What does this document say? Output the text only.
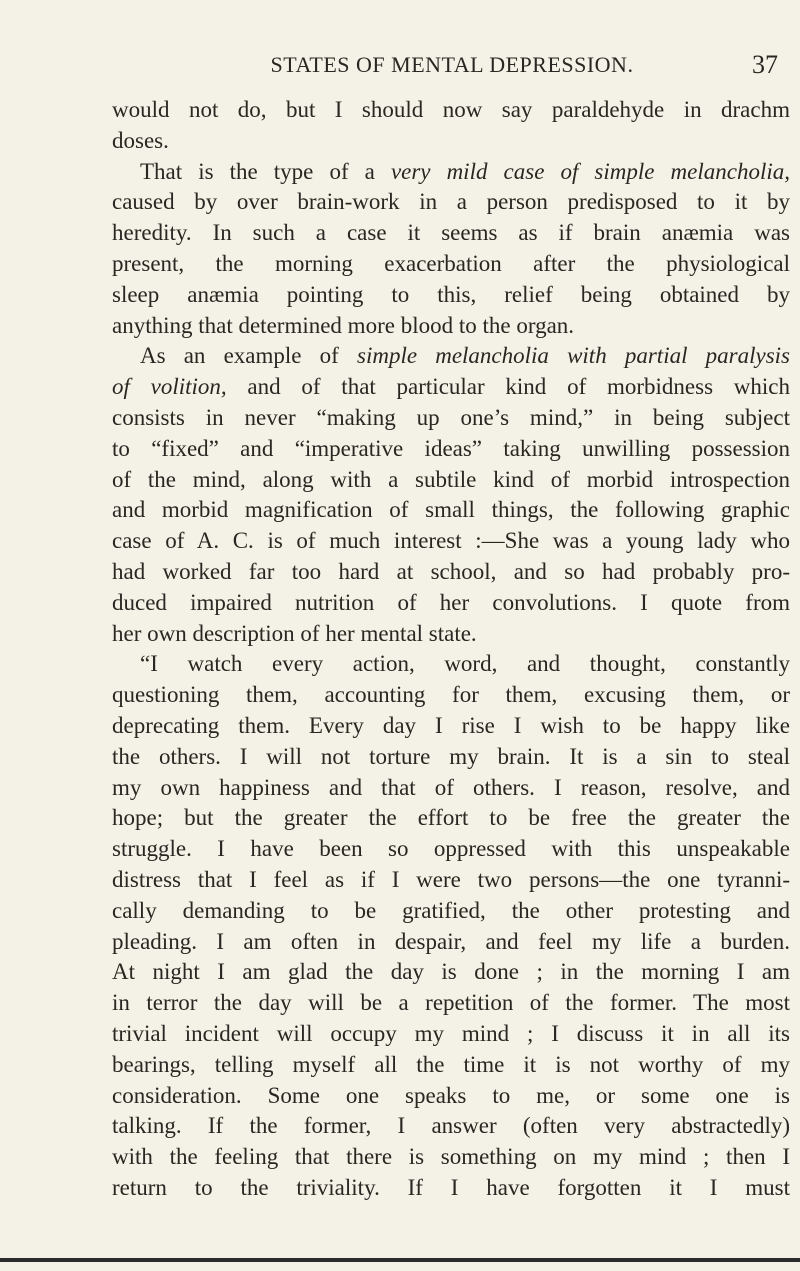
STATES OF MENTAL DEPRESSION.	37
would not do, but I should now say paraldehyde in drachm
doses.
That is the type of a very mild case of simple melancholia,
caused by over brain-work in a person predisposed to it by
heredity. In such a case it seems as if brain anæmia was
present, the morning exacerbation after the physiological
sleep anæmia pointing to this, relief being obtained by
anything that determined more blood to the organ.
As an example of simple melancholia with partial paralysis
of volition, and of that particular kind of morbidness which
consists in never “making up one’s mind,” in being subject
to “fixed” and “imperative ideas” taking unwilling possession
of the mind, along with a subtile kind of morbid introspection
and morbid magnification of small things, the following graphic
case of A. C. is of much interest :—She was a young lady who
had worked far too hard at school, and so had probably pro-
duced impaired nutrition of her convolutions. I quote from
her own description of her mental state.
“I watch every action, word, and thought, constantly
questioning them, accounting for them, excusing them, or
deprecating them. Every day I rise I wish to be happy like
the others. I will not torture my brain. It is a sin to steal
my own happiness and that of others. I reason, resolve, and
hope; but the greater the effort to be free the greater the
struggle. I have been so oppressed with this unspeakable
distress that I feel as if I were two persons—the one tyranni-
cally demanding to be gratified, the other protesting and
pleading. I am often in despair, and feel my life a burden.
At night I am glad the day is done ; in the morning I am
in terror the day will be a repetition of the former. The most
trivial incident will occupy my mind ; I discuss it in all its
bearings, telling myself all the time it is not worthy of my
consideration. Some one speaks to me, or some one is
talking. If the former, I answer (often very abstractedly)
with the feeling that there is something on my mind ; then I
return to the triviality. If I have forgotten it I must
